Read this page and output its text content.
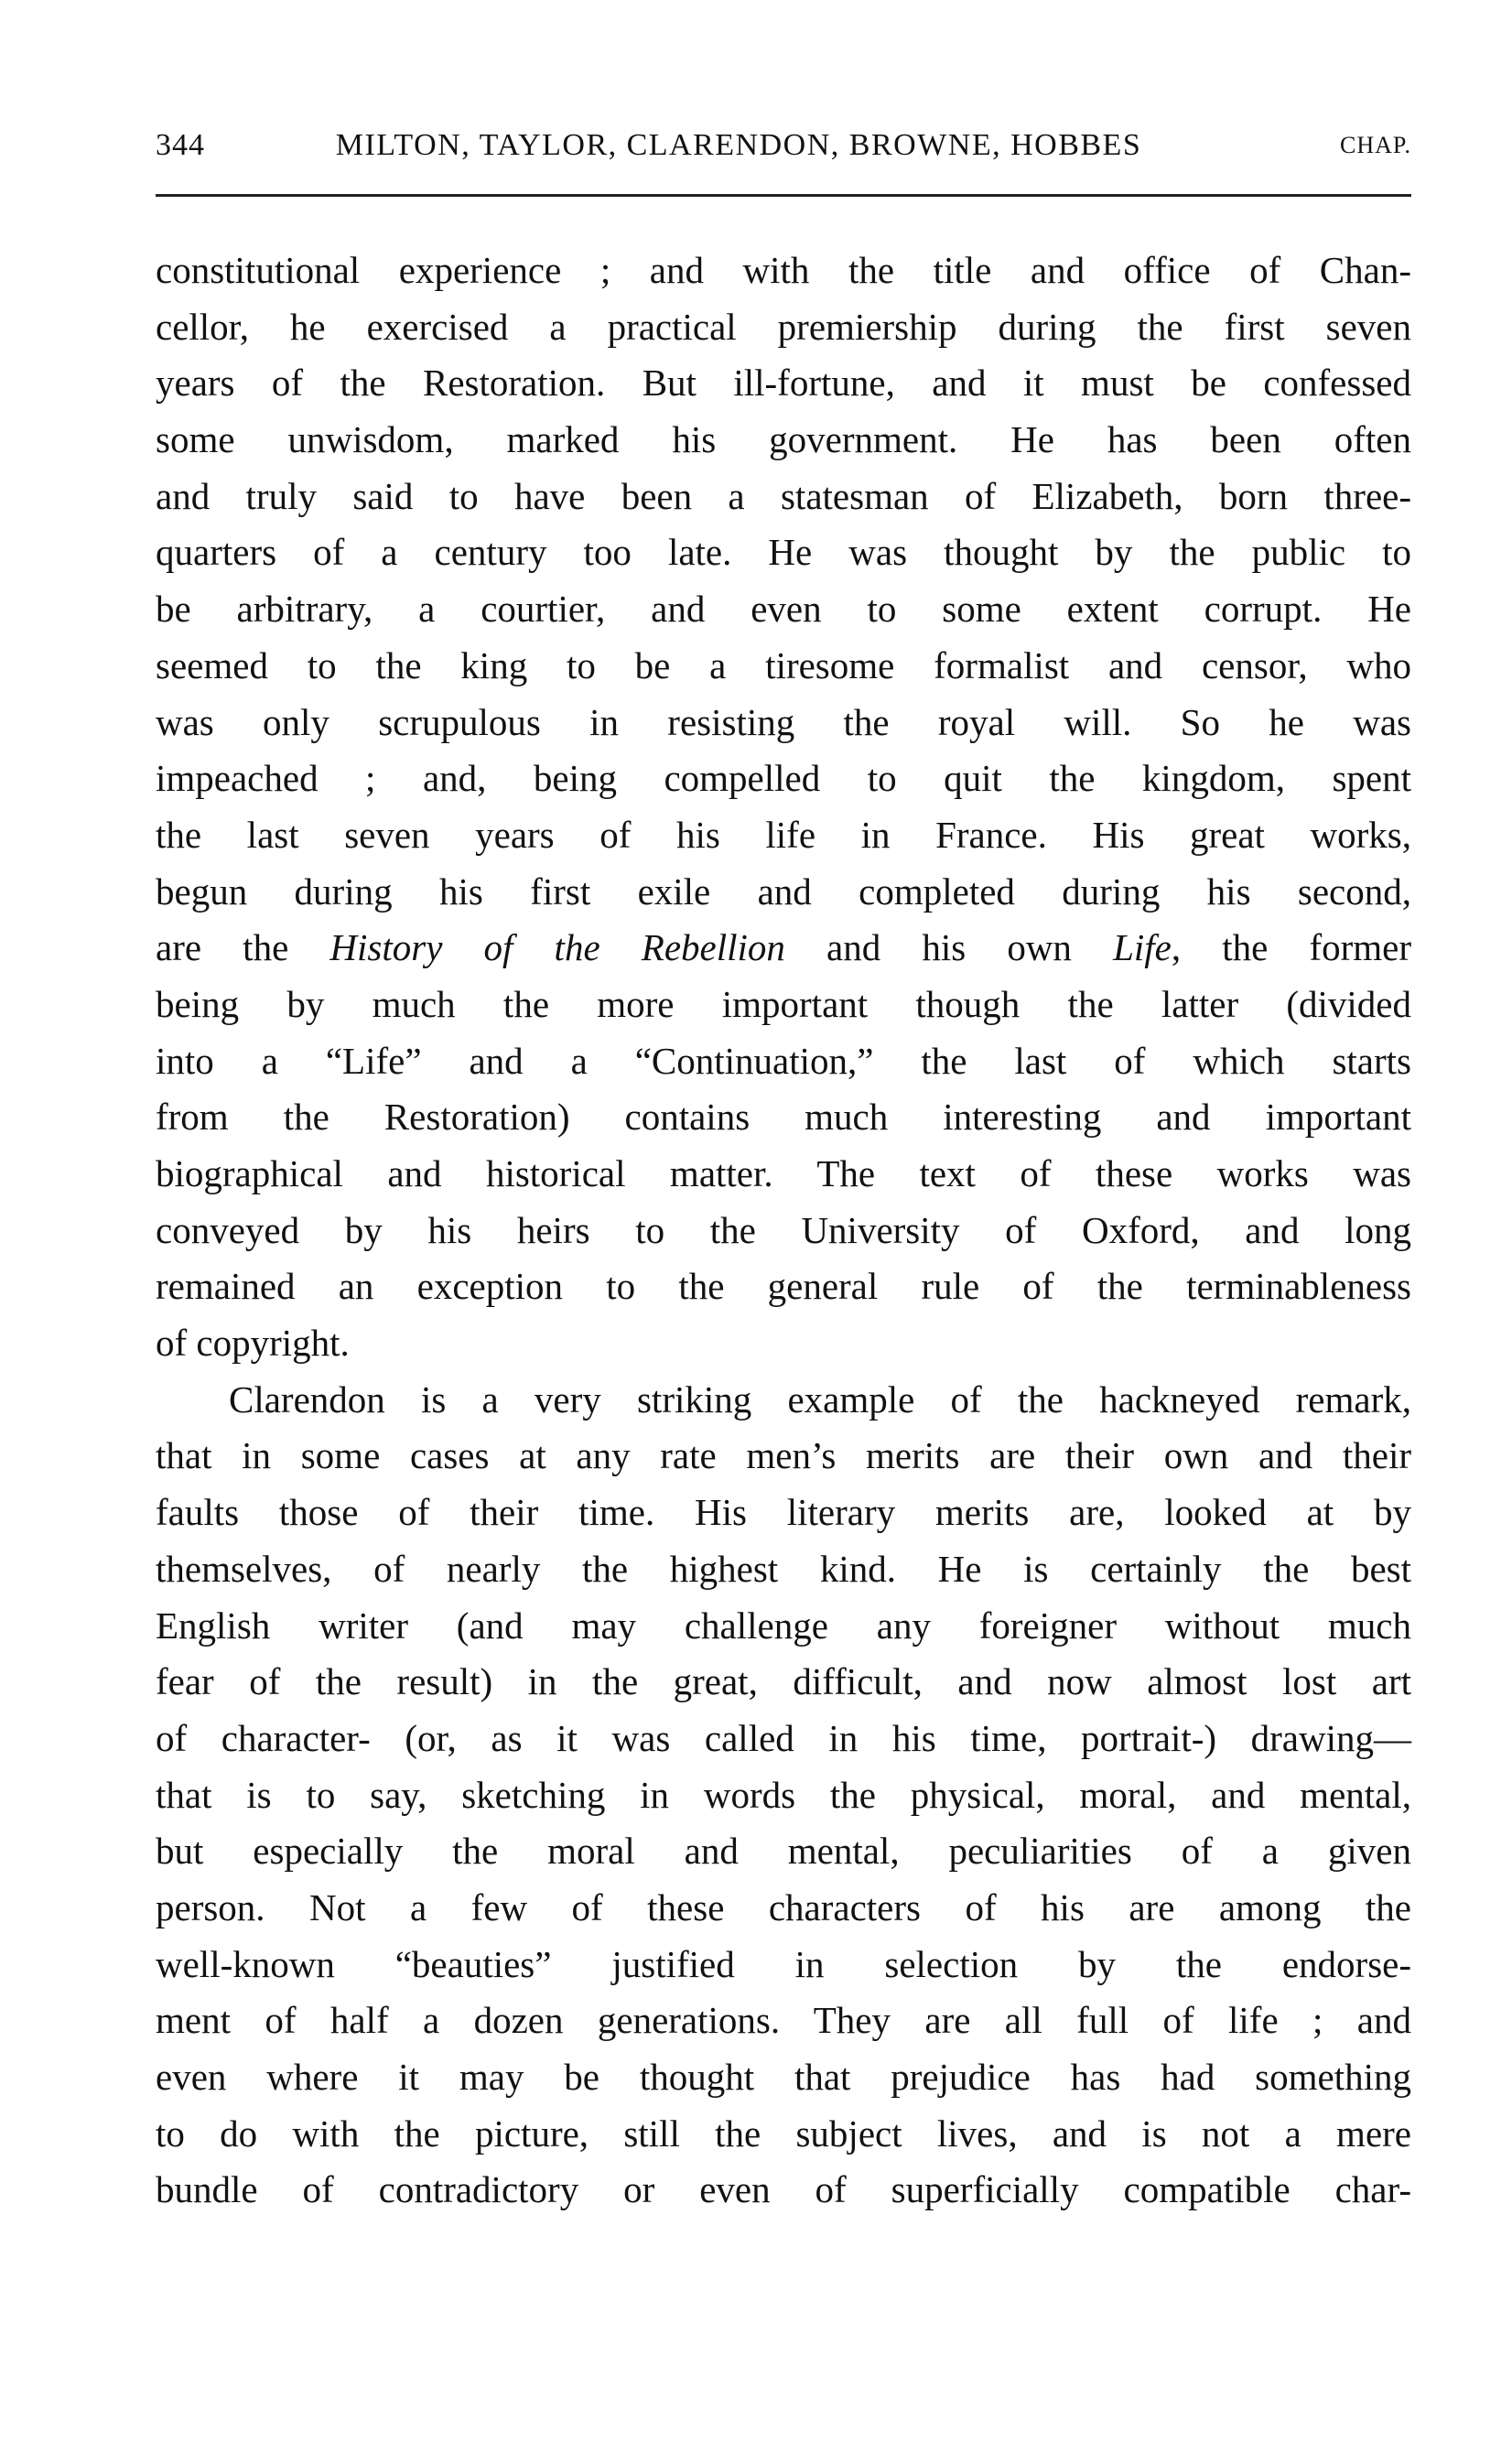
344	MILTON, TAYLOR, CLARENDON, BROWNE, HOBBES	CHAP.
constitutional experience ; and with the title and office of Chan-
cellor, he exercised a practical premiership during the first seven
years of the Restoration. But ill-fortune, and it must be confessed
some unwisdom, marked his government. He has been often
and truly said to have been a statesman of Elizabeth, born three-
quarters of a century too late. He was thought by the public to
be arbitrary, a courtier, and even to some extent corrupt. He
seemed to the king to be a tiresome formalist and censor, who
was only scrupulous in resisting the royal will. So he was
impeached ; and, being compelled to quit the kingdom, spent
the last seven years of his life in France. His great works,
begun during his first exile and completed during his second,
are the History of the Rebellion and his own Life, the former
being by much the more important though the latter (divided
into a “Life” and a “Continuation,” the last of which starts
from the Restoration) contains much interesting and important
biographical and historical matter. The text of these works was
conveyed by his heirs to the University of Oxford, and long
remained an exception to the general rule of the terminableness
of copyright.
Clarendon is a very striking example of the hackneyed remark,
that in some cases at any rate men’s merits are their own and their
faults those of their time. His literary merits are, looked at by
themselves, of nearly the highest kind. He is certainly the best
English writer (and may challenge any foreigner without much
fear of the result) in the great, difficult, and now almost lost art
of character- (or, as it was called in his time, portrait-) drawing—
that is to say, sketching in words the physical, moral, and mental,
but especially the moral and mental, peculiarities of a given
person. Not a few of these characters of his are among the
well-known “beauties” justified in selection by the endorse-
ment of half a dozen generations. They are all full of life ; and
even where it may be thought that prejudice has had something
to do with the picture, still the subject lives, and is not a mere
bundle of contradictory or even of superficially compatible char-
